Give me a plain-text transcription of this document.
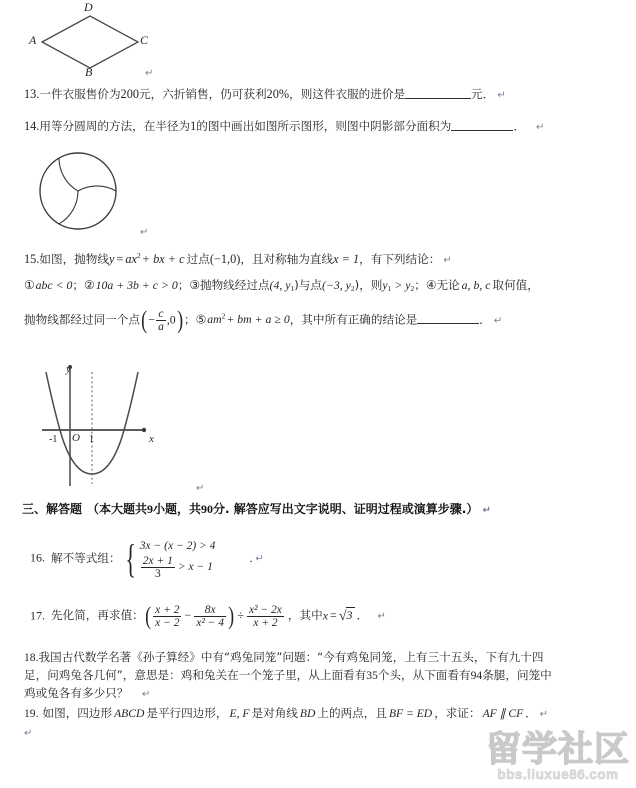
D
A	C
B	↵
13.一件衣服售价为200元，六折销售，仍可获利20%，则这件衣服的进价是	元． ↵
14.用等分圆周的方法，在半径为1的图中画出如图所示图形，则图中阴影部分面积为	． ↵
↵
15.如图，抛物线$y = ax^2+$ bx + c 过点(−1,0)，且对称轴为直线x = 1，有下列结论： ↵
①abc < 0；②10a + 3b + c > 0；③抛物线经过点(4, $y_1$)与点(−3, $y_2$)，则$y_1 > y_2$；④无论 a, b, c 取何值，
抛物线都经过同一个点(− $\frac{c}{a} ,0$)；$⑤am^2+$ bm + a ≥ 0，其中所有正确的结论是	． ↵
y
x
O
-1	1
↵
三、解答题 （本大题共9小题，共90分. 解答应写出文字说明、证明过程或演算步骤.） ↵
16. 解不等式组： { 3x − (x − 2) > 4
$\frac{2x + 1}{3} > x - 1$
. ↵
17. 先化简，再求值：( $\frac{x + 2}{x - 2} - \frac{8x}{\text{x² − 4}}$ ) ÷ $\frac{\text{x² − 2x}}{x + 2}$ ，其中x = √3 ． ↵
18.我国古代数学名著《孙子算经》中有“鸡兔同笼”问题：“今有鸡兔同笼，上有三十五头，下有九十四
足，问鸡兔各几何”，意思是：鸡和兔关在一个笼子里，从上面看有35个头，从下面看有94条腿，问笼中
鸡或兔各有多少只？ ↵
19. 如图，四边形 ABCD 是平行四边形， E, F 是对角线 BD 上的两点，且 BF = ED ，求证： AF ∥ CF ． ↵
↵	留学社区
bbs.liuxue86.com
